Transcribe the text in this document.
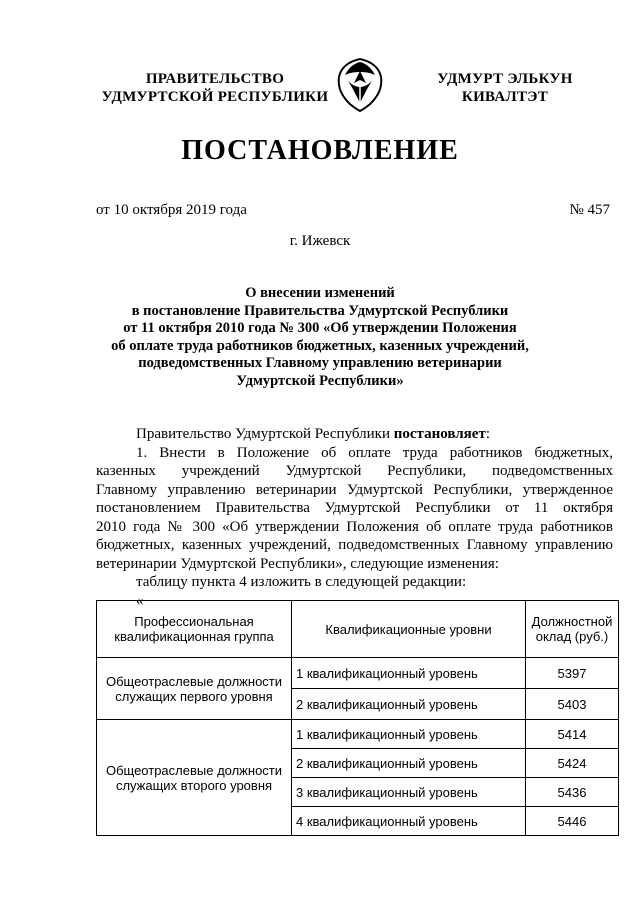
ПРАВИТЕЛЬСТВО
УДМУРТСКОЙ РЕСПУБЛИКИ
УДМУРТ ЭЛЬКУН
КИВАЛТЭТ
ПОСТАНОВЛЕНИЕ
от 10 октября 2019 года	№ 457
г. Ижевск
О внесении изменений
в постановление Правительства Удмуртской Республики
от 11 октября 2010 года № 300 «Об утверждении Положения
об оплате труда работников бюджетных, казенных учреждений,
подведомственных Главному управлению ветеринарии
Удмуртской Республики»

Правительство Удмуртской Республики постановляет:

1. Внести в Положение об оплате труда работников бюджетных,

казенных учреждений Удмуртской Республики, подведомственных

Главному управлению ветеринарии Удмуртской Республики, утвержденное

постановлением Правительства Удмуртской Республики от 11 октября

2010 года № 300 «Об утверждении Положения об оплате труда работников

бюджетных, казенных учреждений, подведомственных Главному управлению

ветеринарии Удмуртской Республики», следующие изменения:

таблицу пункта 4 изложить в следующей редакции:

«

Профессиональная квалификационная группа	Квалификационные уровни	Должностной оклад (руб.)
Общеотраслевые должности служащих первого уровня	1 квалификационный уровень	5397
	2 квалификационный уровень	5403
Общеотраслевые должности служащих второго уровня	1 квалификационный уровень	5414
	2 квалификационный уровень	5424
	3 квалификационный уровень	5436
	4 квалификационный уровень	5446
